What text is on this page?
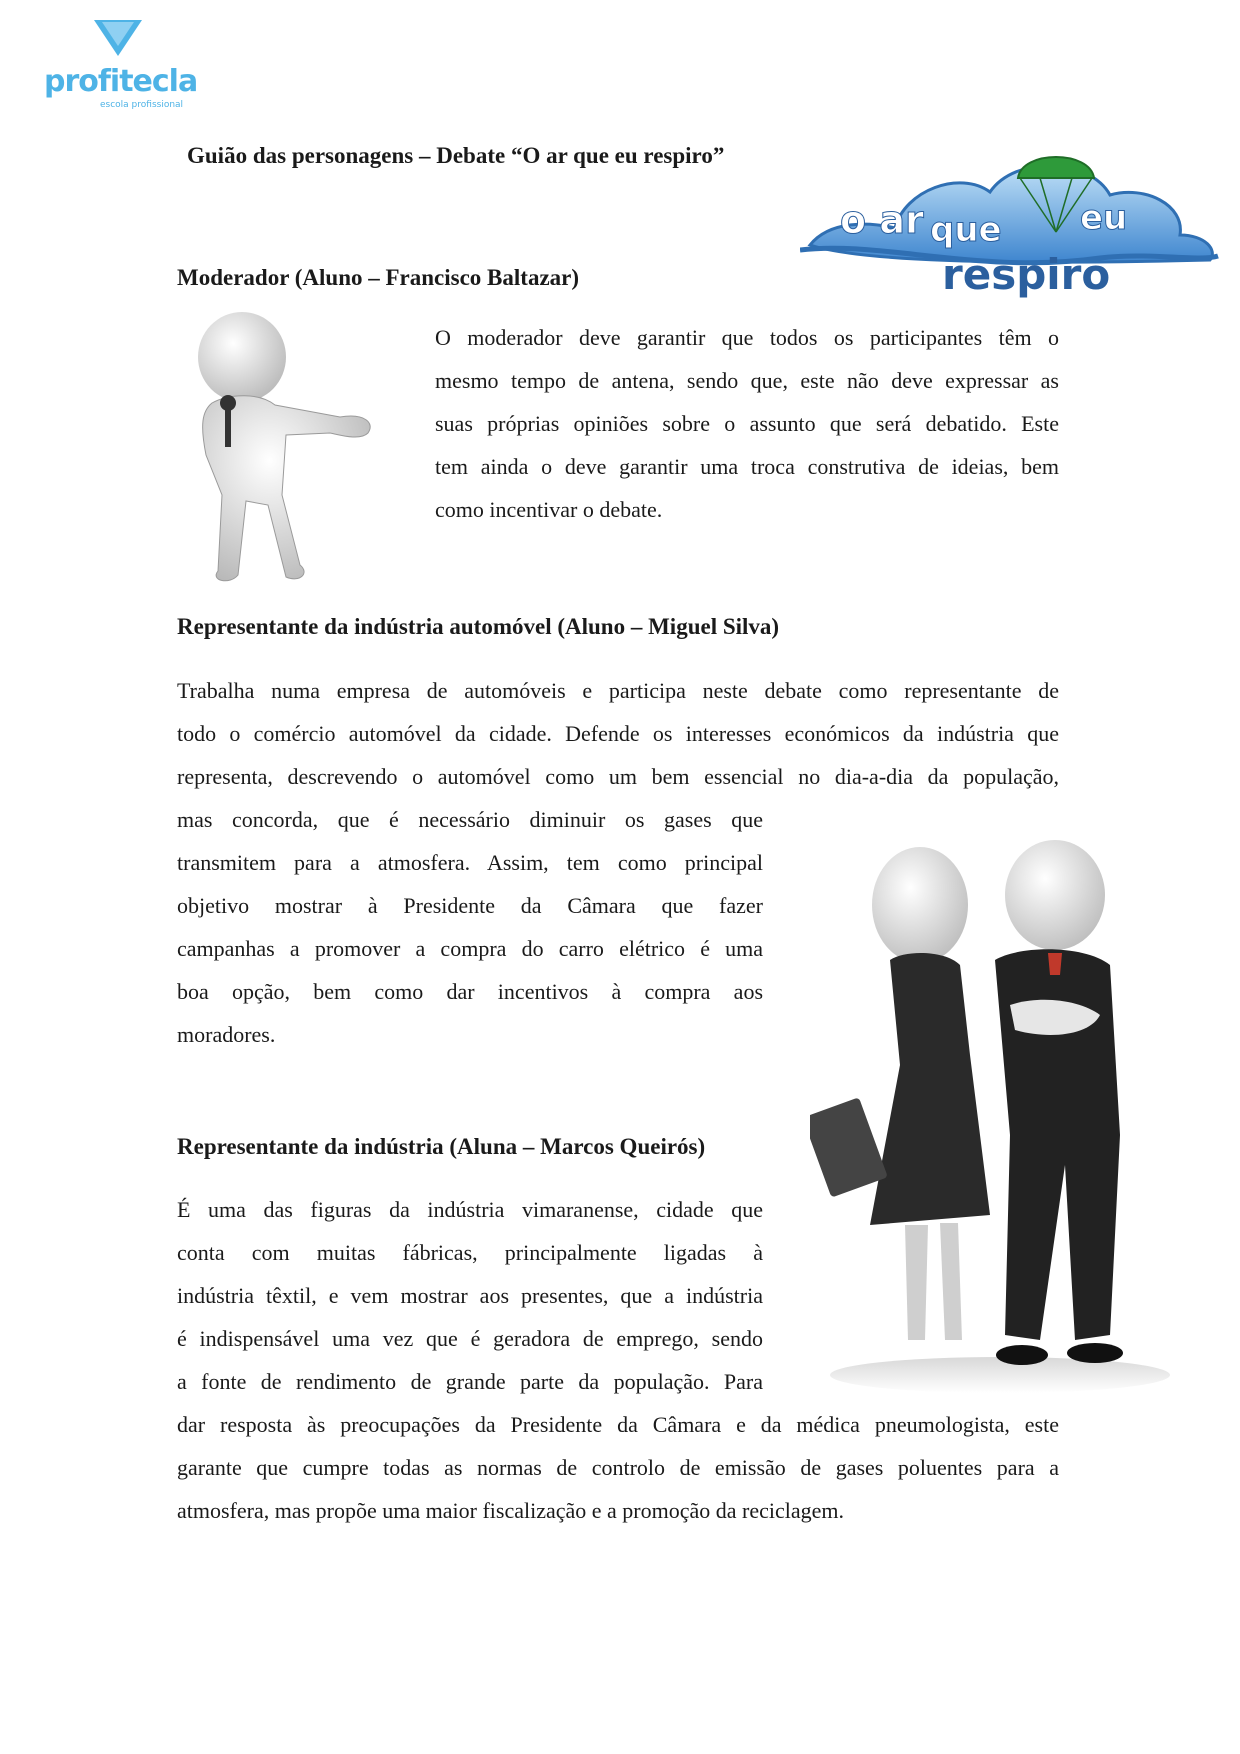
profitecla
escola profissional
Guião das personagens – Debate “O ar que eu respiro”
o ar que eu
respiro
Moderador (Aluno – Francisco Baltazar)

O moderador deve garantir que todos os participantes têm o
mesmo tempo de antena, sendo que, este não deve expressar as
suas próprias opiniões sobre o assunto que será debatido. Este
tem ainda o deve garantir uma troca construtiva de ideias, bem
como incentivar o debate.

Representante da indústria automóvel (Aluno – Miguel Silva)

Trabalha numa empresa de automóveis e participa neste debate como representante de
todo o comércio automóvel da cidade. Defende os interesses económicos da indústria que
representa, descrevendo o automóvel como um bem essencial no dia-a-dia da população,

mas concorda, que é necessário diminuir os gases que
transmitem para a atmosfera. Assim, tem como principal
objetivo mostrar à Presidente da Câmara que fazer
campanhas a promover a compra do carro elétrico é uma
boa opção, bem como dar incentivos à compra aos
moradores.

Representante da indústria (Aluna – Marcos Queirós)

É uma das figuras da indústria vimaranense, cidade que
conta com muitas fábricas, principalmente ligadas à
indústria têxtil, e vem mostrar aos presentes, que a indústria
é indispensável uma vez que é geradora de emprego, sendo
a fonte de rendimento de grande parte da população. Para

dar resposta às preocupações da Presidente da Câmara e da médica pneumologista, este
garante que cumpre todas as normas de controlo de emissão de gases poluentes para a
atmosfera, mas propõe uma maior fiscalização e a promoção da reciclagem.
